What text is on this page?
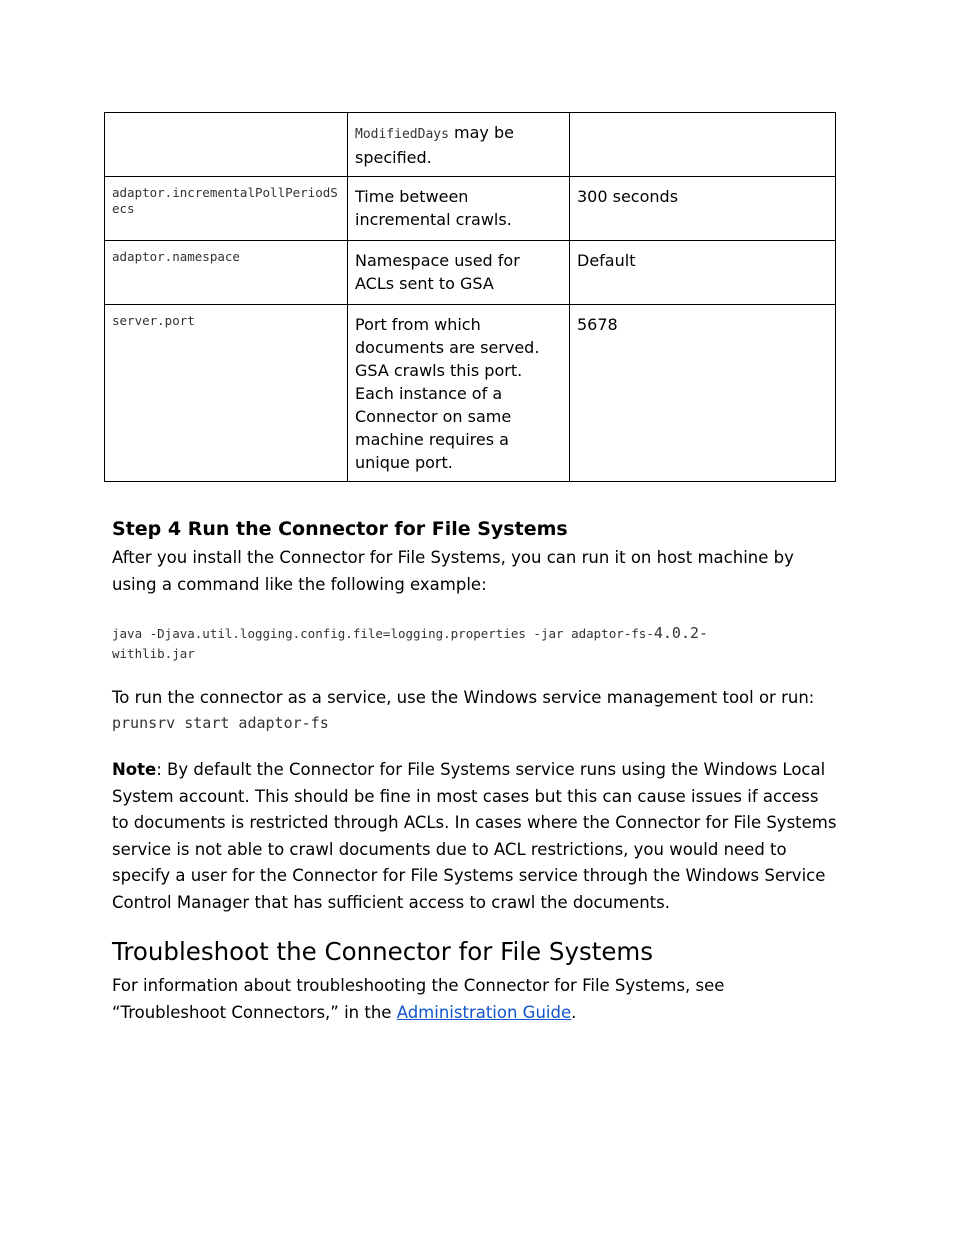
	ModifiedDays may be specified.	
adaptor.incrementalPollPeriodSecs	Time between incremental crawls.	300 seconds
adaptor.namespace	Namespace used for ACLs sent to GSA	Default
server.port	Port from which documents are served. GSA crawls this port. Each instance of a Connector on same machine requires a unique port.	5678
Step 4 Run the Connector for File Systems

After you install the Connector for File Systems, you can run it on host machine by using a command like the following example:

java -Djava.util.logging.config.file=logging.properties -jar adaptor-fs-4.0.2-
withlib.jar

To run the connector as a service, use the Windows service management tool or run:

prunsrv start adaptor-fs

Note: By default the Connector for File Systems service runs using the Windows Local System account. This should be fine in most cases but this can cause issues if access to documents is restricted through ACLs. In cases where the Connector for File Systems service is not able to crawl documents due to ACL restrictions, you would need to specify a user for the Connector for File Systems service through the Windows Service Control Manager that has sufficient access to crawl the documents.

Troubleshoot the Connector for File Systems

For information about troubleshooting the Connector for File Systems, see “Troubleshoot Connectors,” in the Administration Guide.
